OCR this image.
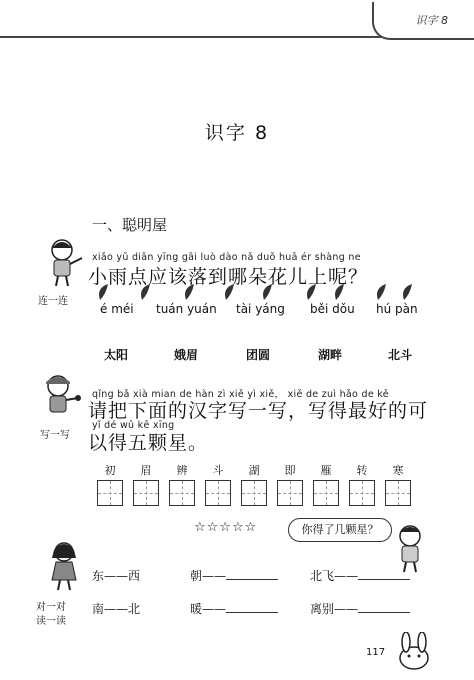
识字 8
识字 8
一、聪明屋
连一连
xiǎo yǔ diǎn yīng gāi luò dào nǎ duǒ huā ér shàng ne
小雨点应该落到哪朵花儿上呢？
é méi tuán yuán tài yáng běi dǒu hú pàn
太阳	娥眉	团圆	湖畔	北斗
写一写
qǐng bǎ xià mian de hàn zì xiě yì xiě， xiě de zuì hǎo de kě
请把下面的汉字写一写，写得最好的可
yǐ dé wǔ kē xīng
以得五颗星。
初	眉	辨	斗	湖	即	雁	转	寒
☆☆☆☆☆	你得了几颗星？
对一对
读一读
东——西	朝——	北飞——
南——北	暖——	离别——
117
